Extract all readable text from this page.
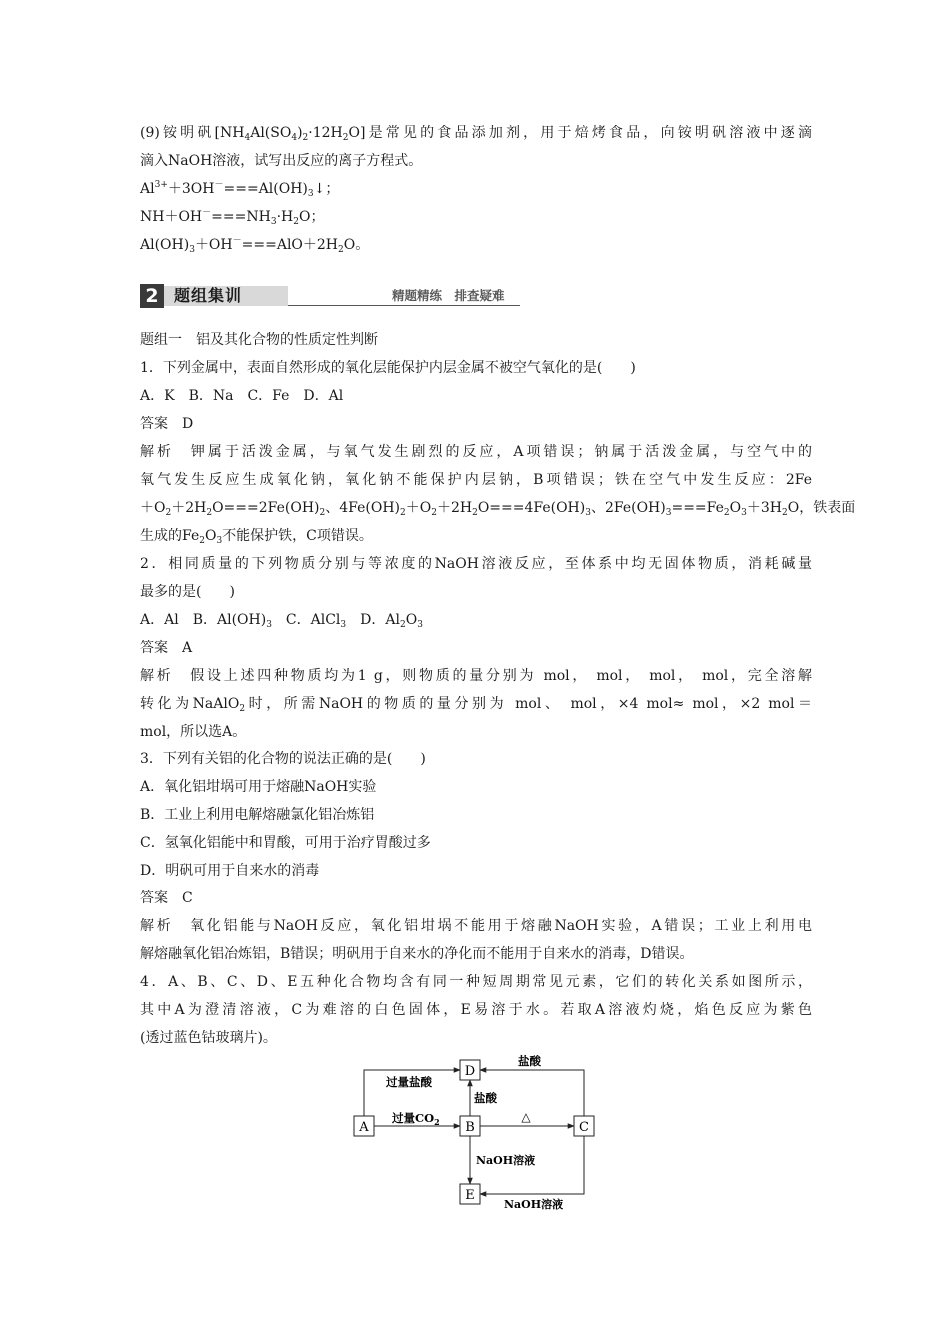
(9)铵明矾$[NH_4Al(SO_4)_2\cdot 12H_2O]$是常见的食品添加剂，用于焙烤食品，向铵明矾溶液中逐滴
滴入NaOH溶液，试写出反应的离子方程式。
$Al^{3+}+3OH^-===Al(OH)_3↓$；
$NH+OH^-===NH_3\cdot H_2O$；
$Al(OH)_3+OH^-===AlO+2H_2O$。
2 题组集训	精题精练　排查疑难
题组一　铝及其化合物的性质定性判断
1．下列金属中，表面自然形成的氧化层能保护内层金属不被空气氧化的是(　　)
A．K　B．Na　C．Fe　D．Al
答案　D
解析　钾属于活泼金属，与氧气发生剧烈的反应，A项错误；钠属于活泼金属，与空气中的
氧气发生反应生成氧化钠，氧化钠不能保护内层钠，B项错误；铁在空气中发生反应：2Fe
$+O_2+2H_2O===2Fe(OH)_2$、$4Fe(OH)_2+O_2+2H_2O===4Fe(OH)_3$、$2Fe(OH)_3===Fe_2O_3+3H_2O$，铁表面
生成的$Fe_2O_3$不能保护铁，C项错误。
2．相同质量的下列物质分别与等浓度的NaOH溶液反应，至体系中均无固体物质，消耗碱量
最多的是(　　)
A．Al　B．$Al(OH)_3$　C．AlCl$_3$　D．$Al_2O_3$
答案　A
解析　假设上述四种物质均为1 g，则物质的量分别为 mol， mol， mol， mol，完全溶解
转化为NaAlO$_2$时，所需NaOH的物质的量分别为 mol、 mol，×4 mol≈ mol，×2 mol＝
mol，所以选A。
3．下列有关铝的化合物的说法正确的是(　　)
A．氧化铝坩埚可用于熔融NaOH实验
B．工业上利用电解熔融氯化铝冶炼铝
C．氢氧化铝能中和胃酸，可用于治疗胃酸过多
D．明矾可用于自来水的消毒
答案　C
解析　氧化铝能与NaOH反应，氧化铝坩埚不能用于熔融NaOH实验，A错误；工业上利用电
解熔融氧化铝冶炼铝，B错误；明矾用于自来水的净化而不能用于自来水的消毒，D错误。
4．A、B、C、D、E五种化合物均含有同一种短周期常见元素，它们的转化关系如图所示，
其中A为澄清溶液，C为难溶的白色固体，E易溶于水。若取A溶液灼烧，焰色反应为紫色
(透过蓝色钴玻璃片)。
A	B	C
D
E
过量盐酸
盐酸
盐酸
过量$CO_2$	△
NaOH溶液
NaOH溶液
